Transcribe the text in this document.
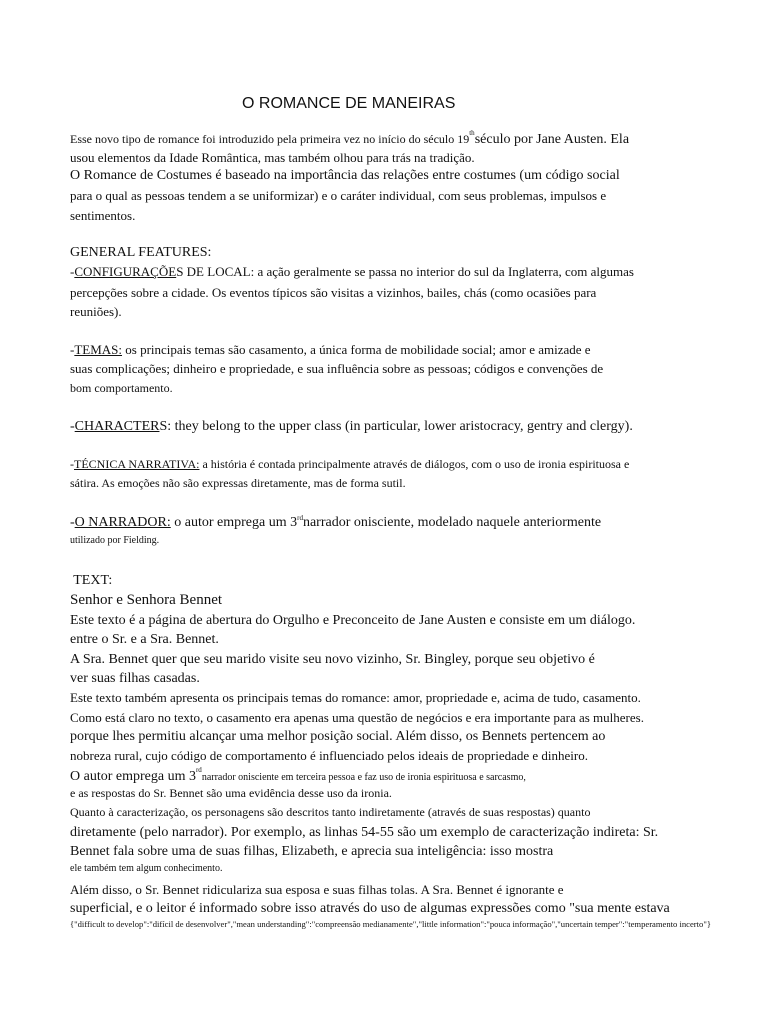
O ROMANCE DE MANEIRAS
Esse novo tipo de romance foi introduzido pela primeira vez no início do século 19thséculo por Jane Austen. Ela
usou elementos da Idade Romântica, mas também olhou para trás na tradição.
O Romance de Costumes é baseado na importância das relações entre costumes (um código social
para o qual as pessoas tendem a se uniformizar) e o caráter individual, com seus problemas, impulsos e
sentimentos.
GENERAL FEATURES:
-CONFIGURAÇÕES DE LOCAL: a ação geralmente se passa no interior do sul da Inglaterra, com algumas
percepções sobre a cidade. Os eventos típicos são visitas a vizinhos, bailes, chás (como ocasiões para
reuniões).
-TEMAS: os principais temas são casamento, a única forma de mobilidade social; amor e amizade e
suas complicações; dinheiro e propriedade, e sua influência sobre as pessoas; códigos e convenções de
bom comportamento.
-CHARACTERS: they belong to the upper class (in particular, lower aristocracy, gentry and clergy).
-TÉCNICA NARRATIVA: a história é contada principalmente através de diálogos, com o uso de ironia espirituosa e
sátira. As emoções não são expressas diretamente, mas de forma sutil.
-O NARRADOR: o autor emprega um 3rdnarrador onisciente, modelado naquele anteriormente
utilizado por Fielding.
TEXT:
Senhor e Senhora Bennet
Este texto é a página de abertura do Orgulho e Preconceito de Jane Austen e consiste em um diálogo.
entre o Sr. e a Sra. Bennet.
A Sra. Bennet quer que seu marido visite seu novo vizinho, Sr. Bingley, porque seu objetivo é
ver suas filhas casadas.
Este texto também apresenta os principais temas do romance: amor, propriedade e, acima de tudo, casamento.
Como está claro no texto, o casamento era apenas uma questão de negócios e era importante para as mulheres.
porque lhes permitiu alcançar uma melhor posição social. Além disso, os Bennets pertencem ao
nobreza rural, cujo código de comportamento é influenciado pelos ideais de propriedade e dinheiro.
O autor emprega um 3rdnarrador onisciente em terceira pessoa e faz uso de ironia espirituosa e sarcasmo,
e as respostas do Sr. Bennet são uma evidência desse uso da ironia.
Quanto à caracterização, os personagens são descritos tanto indiretamente (através de suas respostas) quanto
diretamente (pelo narrador). Por exemplo, as linhas 54-55 são um exemplo de caracterização indireta: Sr.
Bennet fala sobre uma de suas filhas, Elizabeth, e aprecia sua inteligência: isso mostra
ele também tem algum conhecimento.
Além disso, o Sr. Bennet ridiculariza sua esposa e suas filhas tolas. A Sra. Bennet é ignorante e
superficial, e o leitor é informado sobre isso através do uso de algumas expressões como "sua mente estava
{"difficult to develop":"difícil de desenvolver","mean understanding":"compreensão medianamente","little information":"pouca informação","uncertain temper":"temperamento incerto"}
